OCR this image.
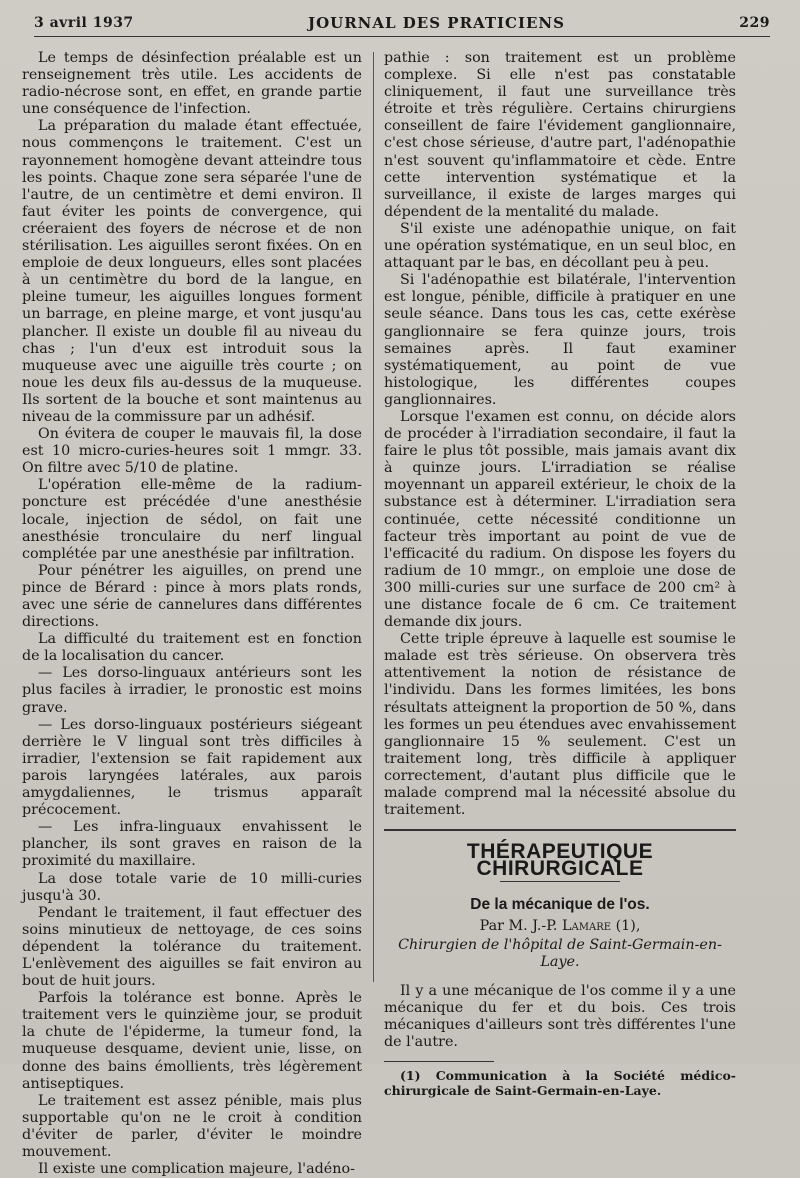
3 avril 1937	JOURNAL DES PRATICIENS	229

Le temps de désinfection préalable est un renseignement très utile. Les accidents de radio-nécrose sont, en effet, en grande partie une conséquence de l'infection.

La préparation du malade étant effectuée, nous commençons le traitement. C'est un rayonnement homogène devant atteindre tous les points. Chaque zone sera séparée l'une de l'autre, de un centimètre et demi environ. Il faut éviter les points de convergence, qui créeraient des foyers de nécrose et de non stérilisation. Les aiguilles seront fixées. On en emploie de deux longueurs, elles sont placées à un centimètre du bord de la langue, en pleine tumeur, les aiguilles longues forment un barrage, en pleine marge, et vont jusqu'au plancher. Il existe un double fil au niveau du chas ; l'un d'eux est introduit sous la muqueuse avec une aiguille très courte ; on noue les deux fils au-dessus de la muqueuse. Ils sortent de la bouche et sont maintenus au niveau de la commissure par un adhésif.

On évitera de couper le mauvais fil, la dose est 10 micro-curies-heures soit 1 mmgr. 33. On filtre avec 5/10 de platine.

L'opération elle-même de la radium-poncture est précédée d'une anesthésie locale, injection de sédol, on fait une anesthésie tronculaire du nerf lingual complétée par une anesthésie par infiltration.

Pour pénétrer les aiguilles, on prend une pince de Bérard : pince à mors plats ronds, avec une série de cannelures dans différentes directions.

La difficulté du traitement est en fonction de la localisation du cancer.

— Les dorso-linguaux antérieurs sont les plus faciles à irradier, le pronostic est moins grave.

— Les dorso-linguaux postérieurs siégeant derrière le V lingual sont très difficiles à irradier, l'extension se fait rapidement aux parois laryngées latérales, aux parois amygdaliennes, le trismus apparaît précocement.

— Les infra-linguaux envahissent le plancher, ils sont graves en raison de la proximité du maxillaire.

La dose totale varie de 10 milli-curies jusqu'à 30.

Pendant le traitement, il faut effectuer des soins minutieux de nettoyage, de ces soins dépendent la tolérance du traitement. L'enlèvement des aiguilles se fait environ au bout de huit jours.

Parfois la tolérance est bonne. Après le traitement vers le quinzième jour, se produit la chute de l'épiderme, la tumeur fond, la muqueuse desquame, devient unie, lisse, on donne des bains émollients, très légèrement antiseptiques.

Le traitement est assez pénible, mais plus supportable qu'on ne le croit à condition d'éviter de parler, d'éviter le moindre mouvement.

Il existe une complication majeure, l'adéno-

pathie : son traitement est un problème complexe. Si elle n'est pas constatable cliniquement, il faut une surveillance très étroite et très régulière. Certains chirurgiens conseillent de faire l'évidement ganglionnaire, c'est chose sérieuse, d'autre part, l'adénopathie n'est souvent qu'inflammatoire et cède. Entre cette intervention systématique et la surveillance, il existe de larges marges qui dépendent de la mentalité du malade.

S'il existe une adénopathie unique, on fait une opération systématique, en un seul bloc, en attaquant par le bas, en décollant peu à peu.

Si l'adénopathie est bilatérale, l'intervention est longue, pénible, difficile à pratiquer en une seule séance. Dans tous les cas, cette exérèse ganglionnaire se fera quinze jours, trois semaines après. Il faut examiner systématiquement, au point de vue histologique, les différentes coupes ganglionnaires.

Lorsque l'examen est connu, on décide alors de procéder à l'irradiation secondaire, il faut la faire le plus tôt possible, mais jamais avant dix à quinze jours. L'irradiation se réalise moyennant un appareil extérieur, le choix de la substance est à déterminer. L'irradiation sera continuée, cette nécessité conditionne un facteur très important au point de vue de l'efficacité du radium. On dispose les foyers du radium de 10 mmgr., on emploie une dose de 300 milli-curies sur une surface de 200 cm² à une distance focale de 6 cm. Ce traitement demande dix jours.

Cette triple épreuve à laquelle est soumise le malade est très sérieuse. On observera très attentivement la notion de résistance de l'individu. Dans les formes limitées, les bons résultats atteignent la proportion de 50 %, dans les formes un peu étendues avec envahissement ganglionnaire 15 % seulement. C'est un traitement long, très difficile à appliquer correctement, d'autant plus difficile que le malade comprend mal la nécessité absolue du traitement.

THÉRAPEUTIQUE CHIRURGICALE
De la mécanique de l'os.
Par M. J.-P. Lamare (1),
Chirurgien de l'hôpital de Saint-Germain-en-Laye.

Il y a une mécanique de l'os comme il y a une mécanique du fer et du bois. Ces trois mécaniques d'ailleurs sont très différentes l'une de l'autre.

(1) Communication à la Société médico-chirurgicale de Saint-Germain-en-Laye.
